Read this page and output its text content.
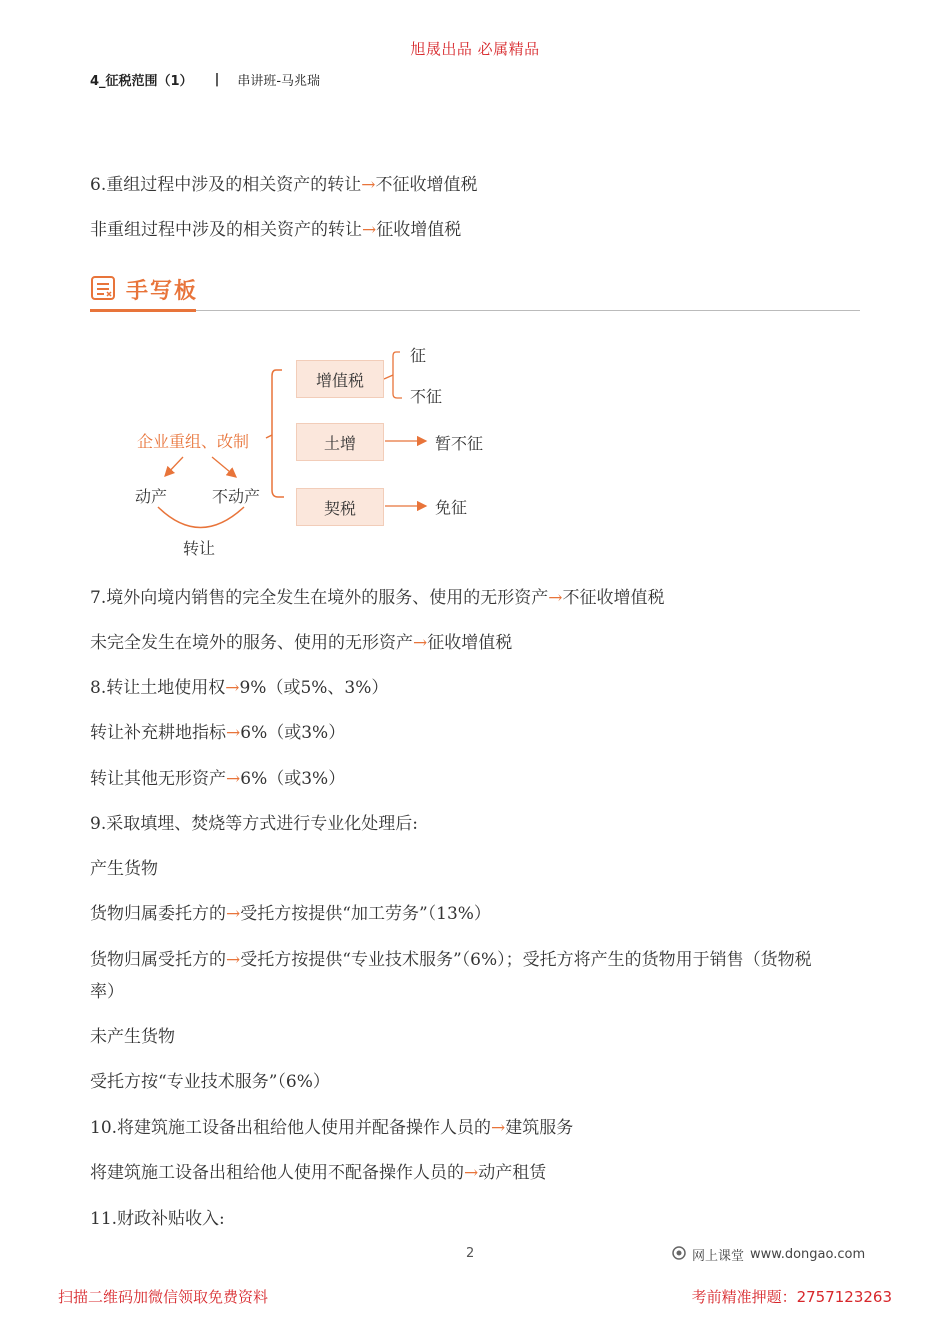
旭晟出品 必属精品
4_征税范围（1） | 串讲班-马兆瑞
6.重组过程中涉及的相关资产的转让→不征收增值税
非重组过程中涉及的相关资产的转让→征收增值税
手写板
企业重组、改制
动产	不动产
转让
增值税
土增
契税
征
不征
暂不征
免征
7.境外向境内销售的完全发生在境外的服务、使用的无形资产→不征收增值税
未完全发生在境外的服务、使用的无形资产→征收增值税
8.转让土地使用权→9%（或5%、3%）
转让补充耕地指标→6%（或3%）
转让其他无形资产→6%（或3%）
9.采取填埋、焚烧等方式进行专业化处理后:
产生货物
货物归属委托方的→受托方按提供“加工劳务”（13%）
货物归属受托方的→受托方按提供“专业技术服务”（6%）；受托方将产生的货物用于销售（货物税
率）
未产生货物
受托方按“专业技术服务”（6%）
10.将建筑施工设备出租给他人使用并配备操作人员的→建筑服务
将建筑施工设备出租给他人使用不配备操作人员的→动产租赁
11.财政补贴收入:
2	网上课堂 www.dongao.com
扫描二维码加微信领取免费资料	考前精准押题：2757123263
